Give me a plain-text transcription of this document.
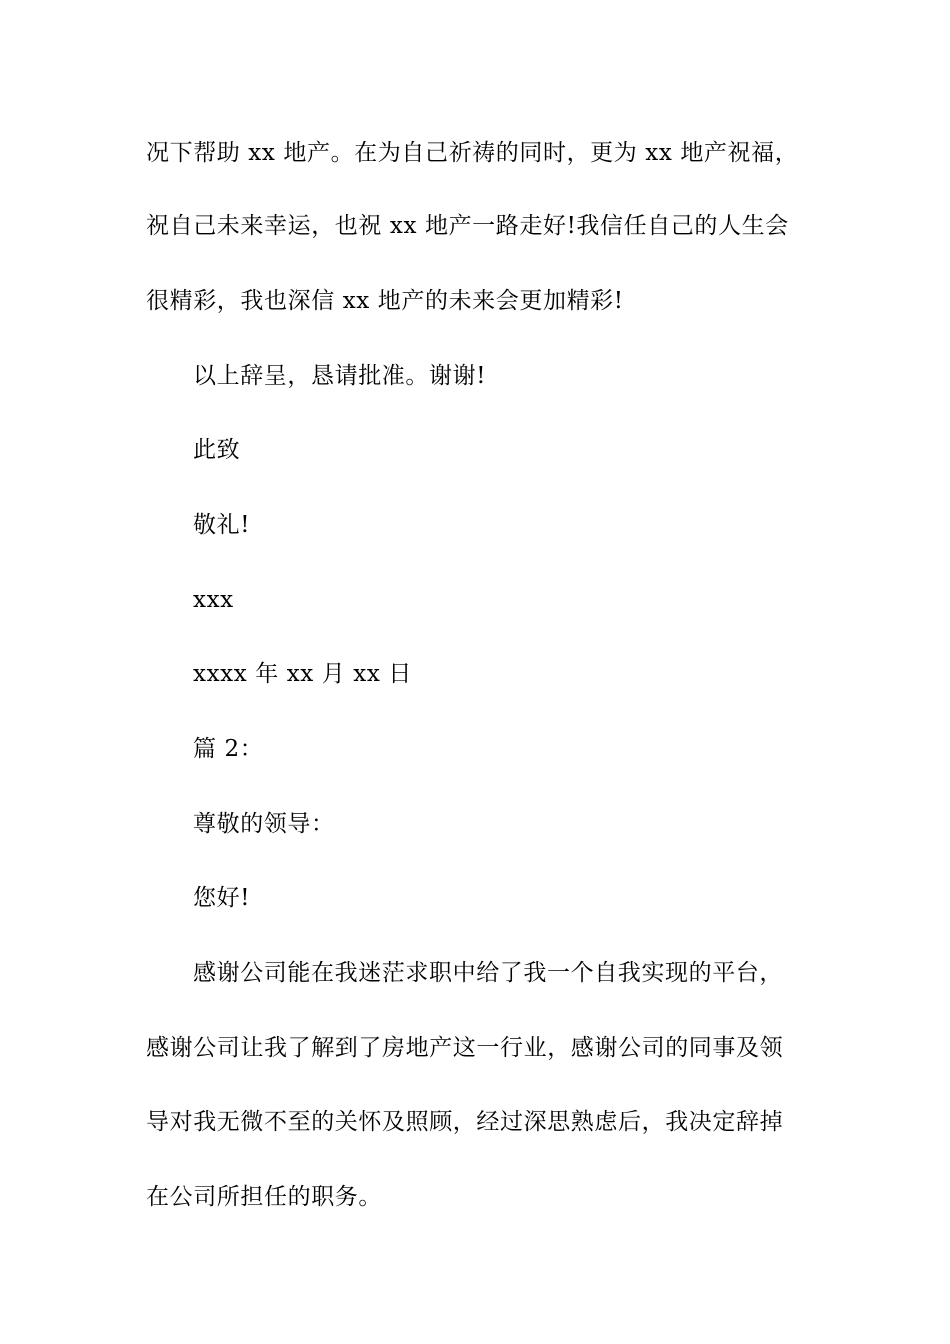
况下帮助 xx 地产。在为自己祈祷的同时，更为 xx 地产祝福，
祝自己未来幸运，也祝 xx 地产一路走好!我信任自己的人生会
很精彩，我也深信 xx 地产的未来会更加精彩!
以上辞呈，恳请批准。谢谢!
此致
敬礼!
xxx
xxxx 年 xx 月 xx 日
篇 2：
尊敬的领导：
您好!
感谢公司能在我迷茫求职中给了我一个自我实现的平台，
感谢公司让我了解到了房地产这一行业，感谢公司的同事及领
导对我无微不至的关怀及照顾，经过深思熟虑后，我决定辞掉
在公司所担任的职务。
